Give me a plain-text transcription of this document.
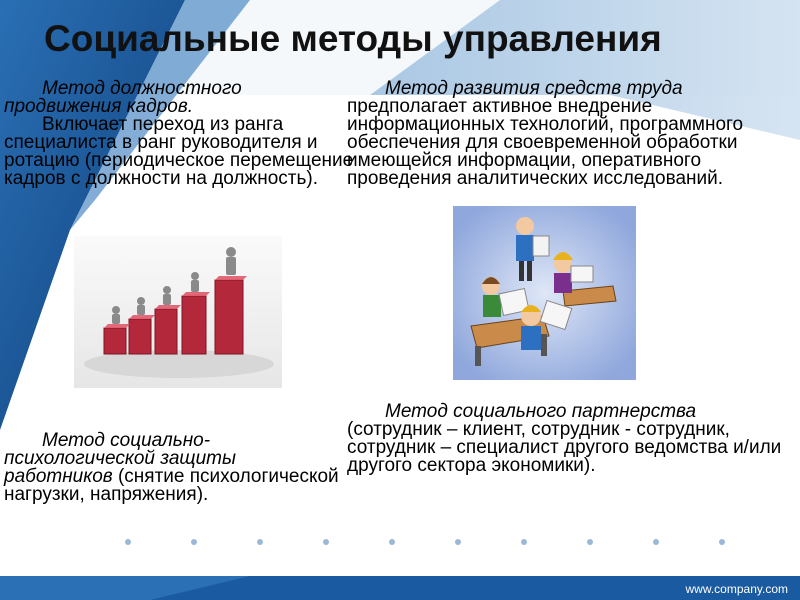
Социальные методы управления
Метод должностного продвижения кадров.
Включает переход из ранга специалиста в ранг руководителя и ротацию (периодическое перемещение кадров с должности на должность).
Метод развития средств труда
предполагает активное внедрение информационных технологий, программного обеспечения для своевременной обработки имеющейся информации, оперативного проведения аналитических исследований.
Метод социально-психологической защиты работников (снятие психологической нагрузки, напряжения).
Метод социального партнерства
(сотрудник – клиент, сотрудник - сотрудник, сотрудник – специалист другого ведомства и/или другого сектора экономики).
www.company.com
